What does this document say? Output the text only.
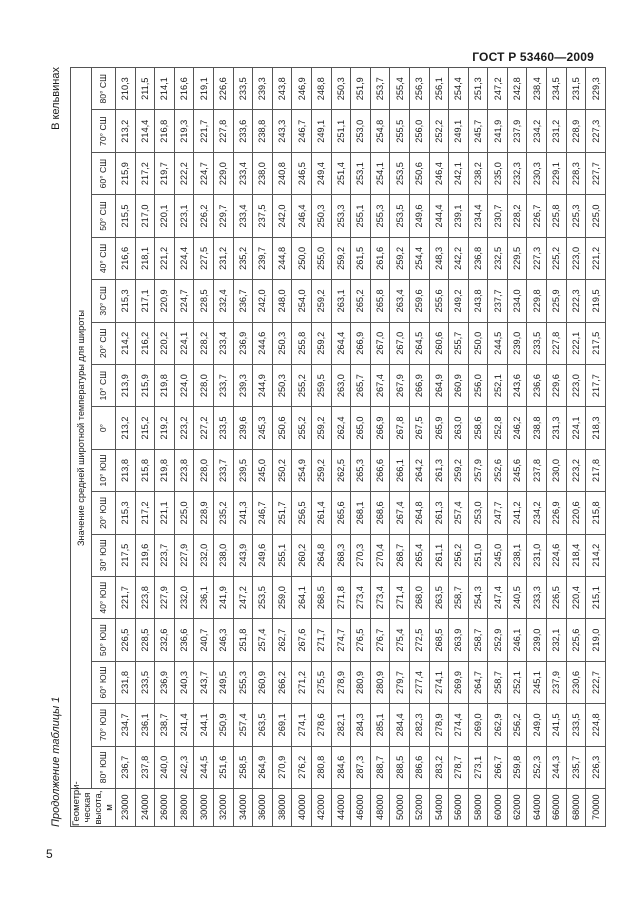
ГОСТ Р 53460—2009
Продолжение таблицы 1
В кельвинах
Геометри-
ческая
высота, м	Значение средней широтной температуры для широты																
	80° ЮШ	70° ЮШ	60° ЮШ	50° ЮШ	40° ЮШ	30° ЮШ	20° ЮШ	10° ЮШ	0°	10° СШ	20° СШ	30° СШ	40° СШ	50° СШ	60° СШ	70° СШ	80° СШ
23000	236,7	234,7	231,8	226,5	221,7	217,5	215,3	213,8	213,2	213,9	214,2	215,3	216,6	215,5	215,9	213,2	210,3
24000	237,8	236,1	233,5	228,5	223,8	219,6	217,2	215,8	215,2	215,9	216,2	217,1	218,1	217,0	217,2	214,4	211,5
26000	240,0	238,7	236,9	232,6	227,9	223,7	221,1	219,8	219,2	219,8	220,2	220,9	221,2	220,1	219,7	216,8	214,1
28000	242,3	241,4	240,3	236,6	232,0	227,9	225,0	223,8	223,2	224,0	224,1	224,7	224,4	223,1	222,2	219,3	216,6
30000	244,5	244,1	243,7	240,7	236,1	232,0	228,9	228,0	227,2	228,0	228,2	228,5	227,5	226,2	224,7	221,7	219,1
32000	251,6	250,9	249,5	246,3	241,9	238,0	235,2	233,7	233,5	233,7	233,4	232,4	231,2	229,7	229,0	227,8	226,6
34000	258,5	257,4	255,3	251,8	247,2	243,9	241,3	239,5	239,6	239,3	236,9	236,7	235,2	233,4	233,4	233,6	233,5
36000	264,9	263,5	260,9	257,4	253,5	249,6	246,7	245,0	245,3	244,9	244,6	242,0	239,7	237,5	238,0	238,8	239,3
38000	270,9	269,1	266,2	262,7	259,0	255,1	251,7	250,2	250,6	250,3	250,3	248,0	244,8	242,0	240,8	243,3	243,8
40000	276,2	274,1	271,2	267,6	264,1	260,2	256,5	254,9	255,2	255,2	255,8	254,0	250,0	246,4	246,5	246,7	246,9
42000	280,8	278,6	275,5	271,7	268,5	264,8	261,4	259,2	259,2	259,5	259,2	259,2	255,0	250,3	249,4	249,1	248,8
44000	284,6	282,1	278,9	274,7	271,8	268,3	265,6	262,5	262,4	263,0	264,4	263,1	259,2	253,3	251,4	251,1	250,3
46000	287,3	284,3	280,9	276,5	273,4	270,3	268,1	265,3	265,0	265,7	266,9	265,2	261,5	255,1	253,1	253,0	251,9
48000	288,7	285,1	280,9	276,7	273,4	270,4	268,6	266,6	266,9	267,4	267,0	265,8	261,6	255,3	254,1	254,8	253,7
50000	288,5	284,4	279,7	275,4	271,4	268,7	267,4	266,1	267,8	267,9	267,0	263,4	259,2	253,5	253,5	255,5	255,4
52000	286,6	282,3	277,4	272,5	268,0	265,4	264,8	264,2	267,5	266,9	264,5	259,6	254,4	249,6	250,6	256,0	256,3
54000	283,2	278,9	274,1	268,5	263,5	261,1	261,3	261,3	265,9	264,9	260,6	255,6	248,3	244,4	246,4	252,2	256,1
56000	278,7	274,4	269,9	263,9	258,7	256,2	257,4	259,2	263,0	260,9	255,7	249,2	242,2	239,1	242,1	249,1	254,4
58000	273,1	269,0	264,7	258,7	254,3	251,0	253,0	257,9	258,6	256,0	250,0	243,8	236,8	234,4	238,2	245,7	251,3
60000	266,7	262,9	258,7	252,9	247,4	245,0	247,7	252,6	252,8	252,1	244,5	237,7	232,5	230,7	235,0	241,9	247,2
62000	259,8	256,2	252,1	246,1	240,5	238,1	241,2	245,6	246,2	243,6	239,0	234,0	229,5	228,2	232,3	237,9	242,8
64000	252,3	249,0	245,1	239,0	233,3	231,0	234,2	237,8	238,8	236,6	233,5	229,8	227,3	226,7	230,3	234,2	238,4
66000	244,3	241,5	237,9	232,1	226,5	224,6	226,9	230,0	231,3	229,6	227,8	225,9	225,2	225,8	229,1	231,2	234,5
68000	235,7	233,5	230,6	225,6	220,4	218,4	220,6	223,2	224,1	223,0	222,1	222,3	223,0	225,3	228,3	228,9	231,5
70000	226,3	224,8	222,7	219,0	215,1	214,2	215,8	217,8	218,3	217,7	217,5	219,5	221,2	225,0	227,7	227,3	229,3
5
